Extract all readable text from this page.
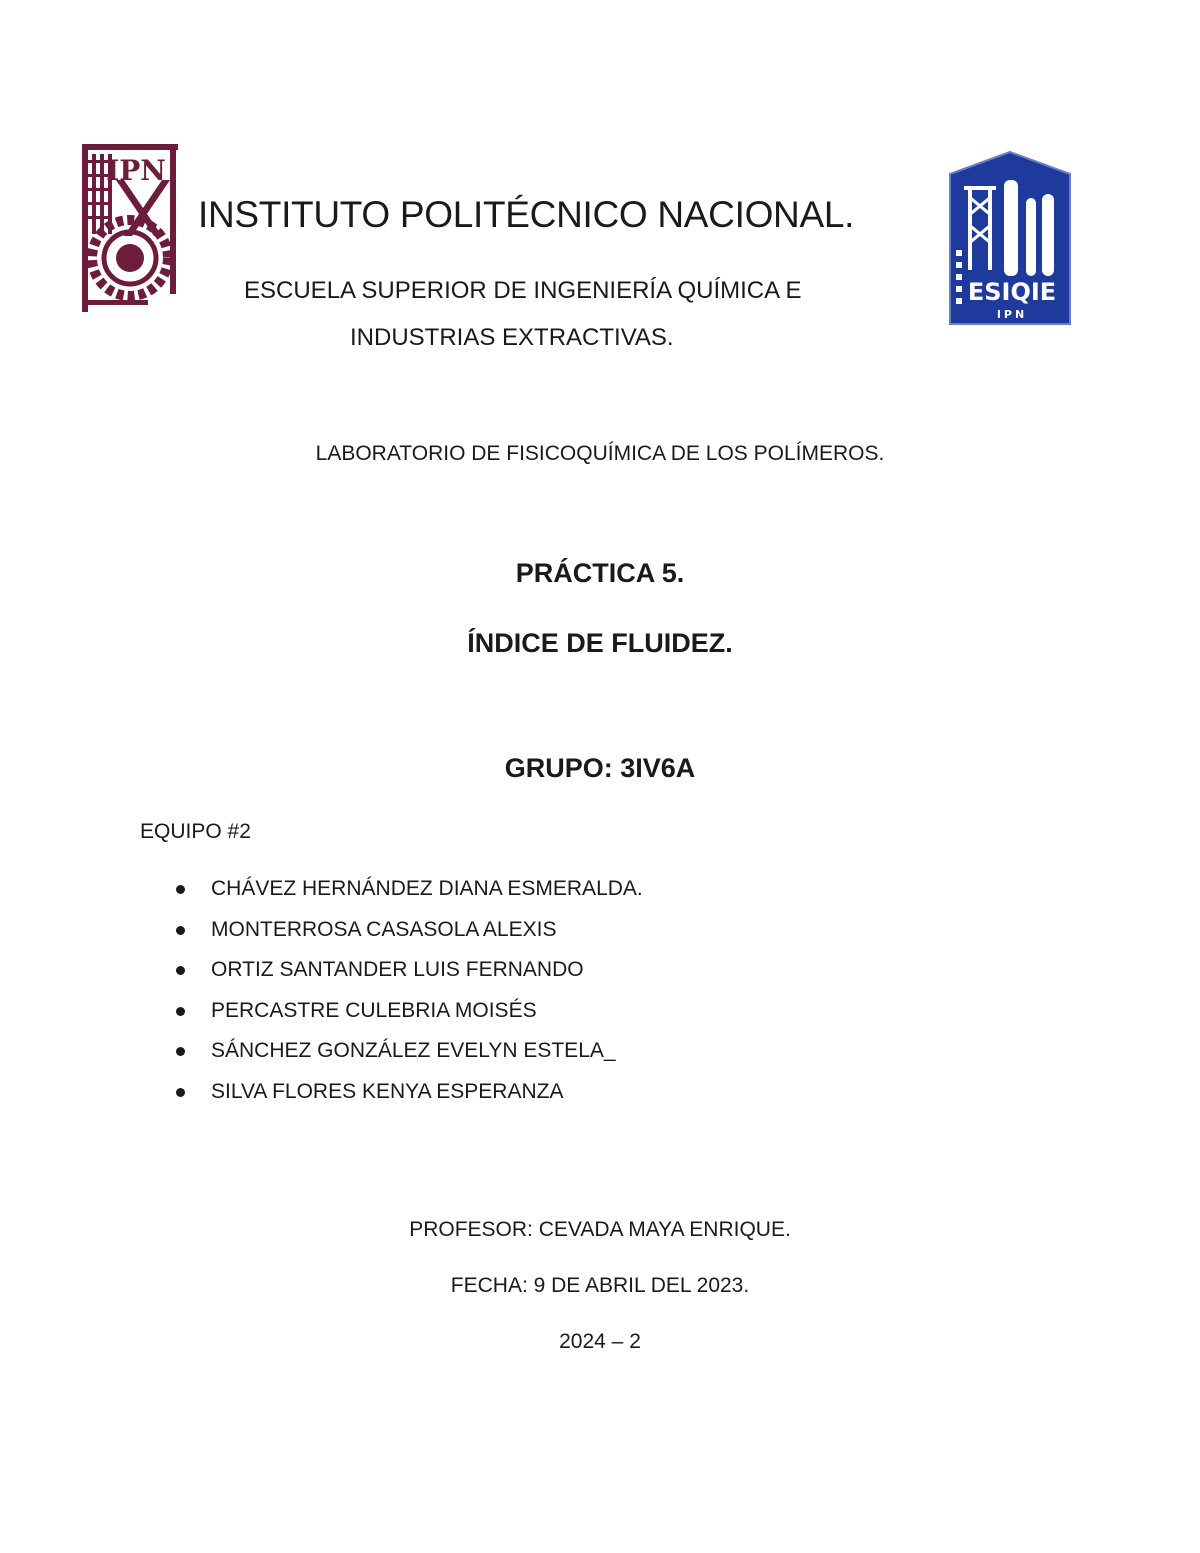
IPN
ESIQIE
IPN
INSTITUTO POLITÉCNICO NACIONAL.
ESCUELA SUPERIOR DE INGENIERÍA QUÍMICA E
INDUSTRIAS EXTRACTIVAS.
LABORATORIO DE FISICOQUÍMICA DE LOS POLÍMEROS.
PRÁCTICA 5.
ÍNDICE DE FLUIDEZ.
GRUPO: 3IV6A
EQUIPO #2
CHÁVEZ HERNÁNDEZ DIANA ESMERALDA.
MONTERROSA CASASOLA ALEXIS
ORTIZ SANTANDER LUIS FERNANDO
PERCASTRE CULEBRIA MOISÉS
SÁNCHEZ GONZÁLEZ EVELYN ESTELA_
SILVA FLORES KENYA ESPERANZA
PROFESOR: CEVADA MAYA ENRIQUE.
FECHA: 9 DE ABRIL DEL 2023.
2024 – 2
